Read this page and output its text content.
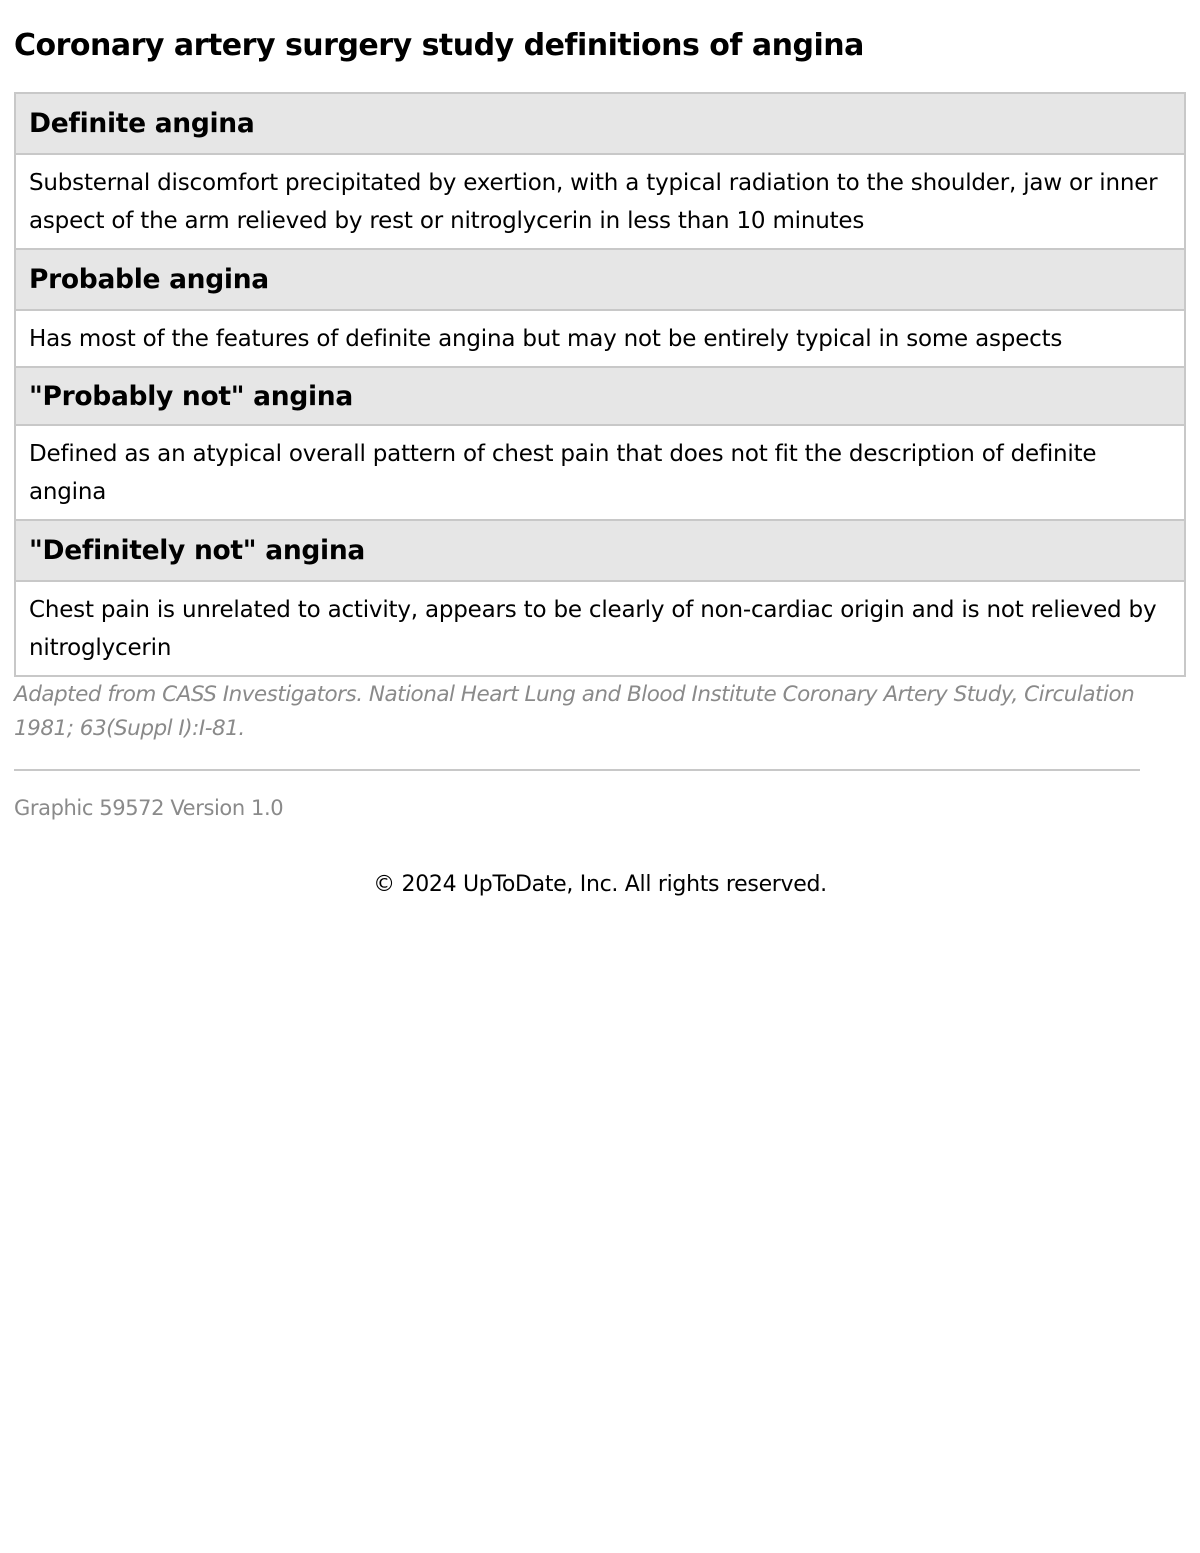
Coronary artery surgery study definitions of angina
Definite angina
Substernal discomfort precipitated by exertion, with a typical radiation to the shoulder, jaw or inner aspect of the arm relieved by rest or nitroglycerin in less than 10 minutes
Probable angina
Has most of the features of definite angina but may not be entirely typical in some aspects
"Probably not" angina
Defined as an atypical overall pattern of chest pain that does not fit the description of definite angina
"Definitely not" angina
Chest pain is unrelated to activity, appears to be clearly of non-cardiac origin and is not relieved by nitroglycerin

Adapted from CASS Investigators. National Heart Lung and Blood Institute Coronary Artery Study, Circulation 1981; 63(Suppl I):I-81.

Graphic 59572 Version 1.0

© 2024 UpToDate, Inc. All rights reserved.
